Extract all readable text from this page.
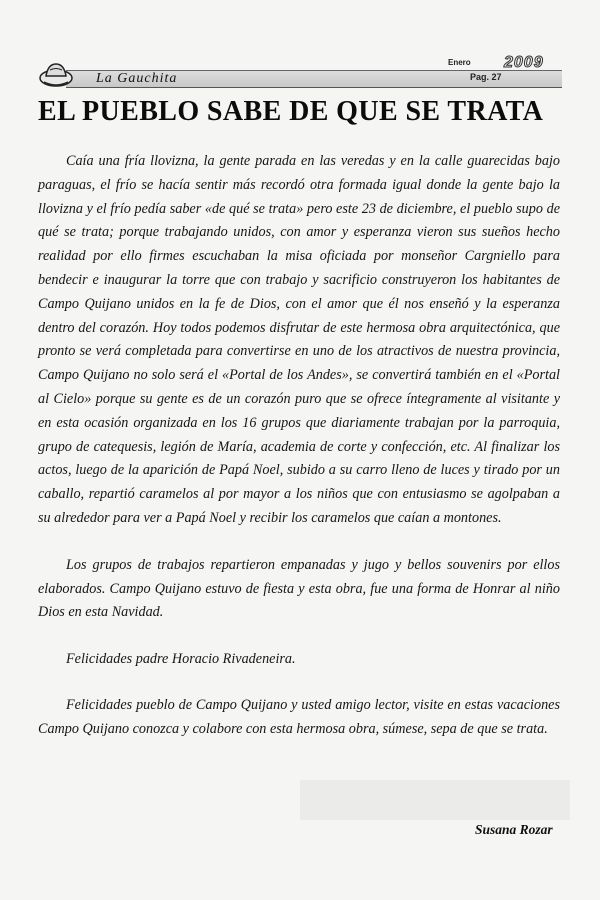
La Gauchita
Enero 2009
Pag. 27
EL PUEBLO SABE DE QUE SE TRATA

Caía una fría llovizna, la gente parada en las veredas y en la calle guarecidas bajo paraguas, el frío se hacía sentir más recordó otra formada igual donde la gente bajo la llovizna y el frío pedía saber «de qué se trata» pero este 23 de diciembre, el pueblo supo de qué se trata; porque trabajando unidos, con amor y esperanza vieron sus sueños hecho realidad por ello firmes escuchaban la misa oficiada por monseñor Cargniello para bendecir e inaugurar la torre que con trabajo y sacrificio construyeron los habitantes de Campo Quijano unidos en la fe de Dios, con el amor que él nos enseñó y la esperanza dentro del corazón. Hoy todos podemos disfrutar de este hermosa obra arquitectónica, que pronto se verá completada para convertirse en uno de los atractivos de nuestra provincia, Campo Quijano no solo será el «Portal de los Andes», se convertirá también en el «Portal al Cielo» porque su gente es de un corazón puro que se ofrece íntegramente al visitante y en esta ocasión organizada en los 16 grupos que diariamente trabajan por la parroquia, grupo de catequesis, legión de María, academia de corte y confección, etc. Al finalizar los actos, luego de la aparición de Papá Noel, subido a su carro lleno de luces y tirado por un caballo, repartió caramelos al por mayor a los niños que con entusiasmo se agolpaban a su alrededor para ver a Papá Noel y recibir los caramelos que caían a montones.

Los grupos de trabajos repartieron empanadas y jugo y bellos souvenirs por ellos elaborados. Campo Quijano estuvo de fiesta y esta obra, fue una forma de Honrar al niño Dios en esta Navidad.

Felicidades padre Horacio Rivadeneira.

Felicidades pueblo de Campo Quijano y usted amigo lector, visite en estas vacaciones Campo Quijano conozca y colabore con esta hermosa obra, súmese, sepa de que se trata.

Susana Rozar
